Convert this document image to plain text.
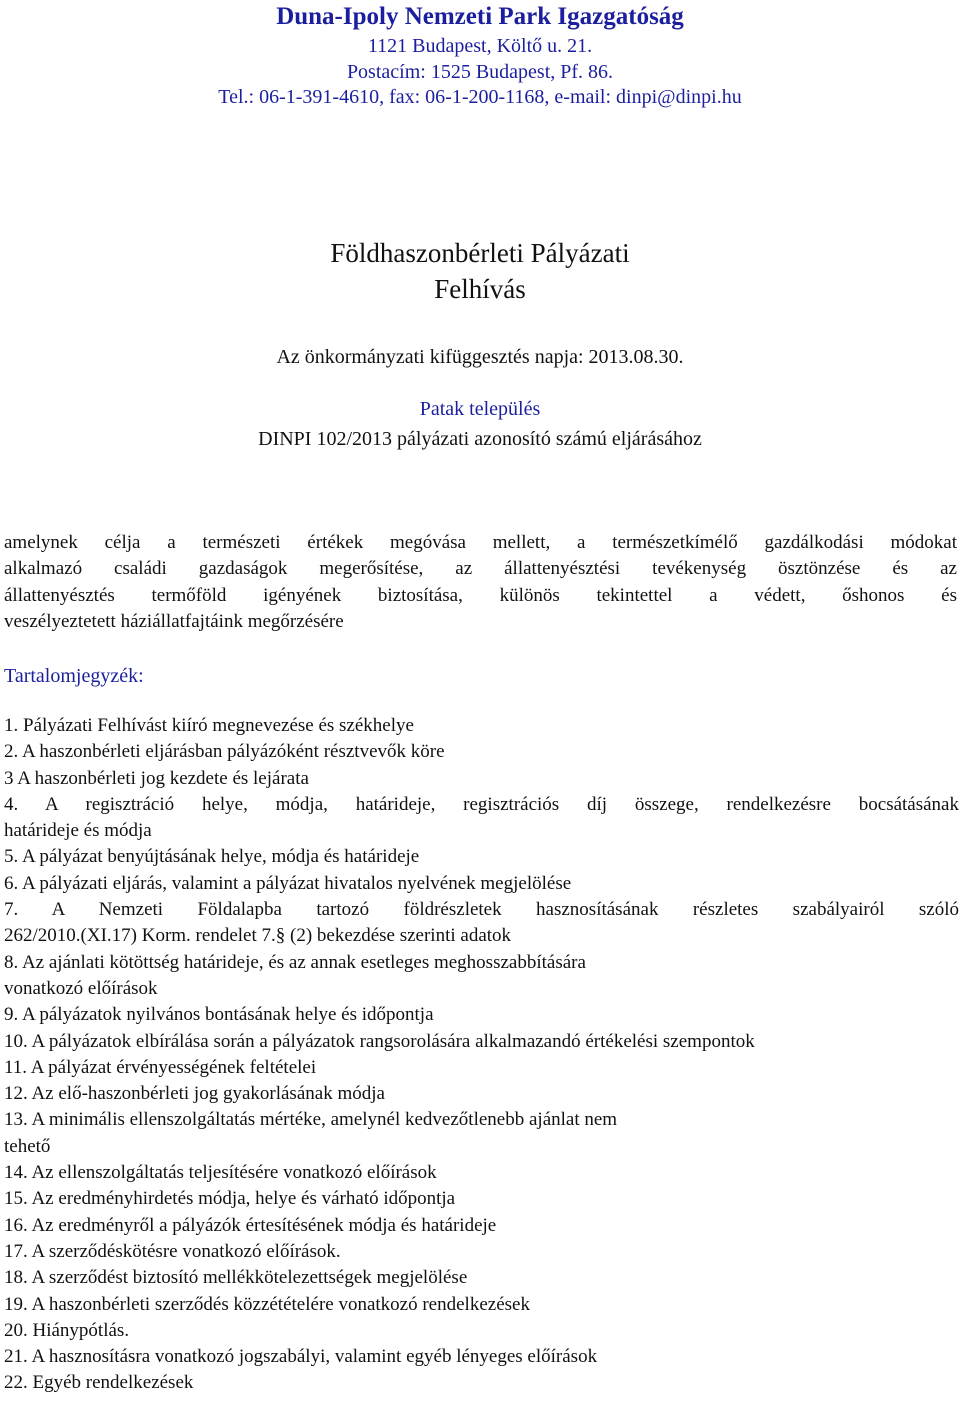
Duna-Ipoly Nemzeti Park Igazgatóság
1121 Budapest, Költő u. 21.
Postacím: 1525 Budapest, Pf. 86.
Tel.: 06-1-391-4610, fax: 06-1-200-1168, e-mail: dinpi@dinpi.hu
Földhaszonbérleti Pályázati
Felhívás
Az önkormányzati kifüggesztés napja: 2013.08.30.
Patak település
DINPI 102/2013 pályázati azonosító számú eljárásához
amelynek célja a természeti értékek megóvása mellett, a természetkímélő gazdálkodási módokat
alkalmazó családi gazdaságok megerősítése, az állattenyésztési tevékenység ösztönzése és az
állattenyésztés termőföld igényének biztosítása, különös tekintettel a védett, őshonos és
veszélyeztetett háziállatfajtáink megőrzésére
Tartalomjegyzék:
1. Pályázati Felhívást kiíró megnevezése és székhelye
2. A haszonbérleti eljárásban pályázóként résztvevők köre
3 A haszonbérleti jog kezdete és lejárata
4. A regisztráció helye, módja, határideje, regisztrációs díj összege, rendelkezésre bocsátásának
határideje és módja
5. A pályázat benyújtásának helye, módja és határideje
6. A pályázati eljárás, valamint a pályázat hivatalos nyelvének megjelölése
7. A Nemzeti Földalapba tartozó földrészletek hasznosításának részletes szabályairól szóló
262/2010.(XI.17) Korm. rendelet 7.§ (2) bekezdése szerinti adatok
8. Az ajánlati kötöttség határideje, és az annak esetleges meghosszabbítására
vonatkozó előírások
9. A pályázatok nyilvános bontásának helye és időpontja
10. A pályázatok elbírálása során a pályázatok rangsorolására alkalmazandó értékelési szempontok
11. A pályázat érvényességének feltételei
12. Az elő-haszonbérleti jog gyakorlásának módja
13. A minimális ellenszolgáltatás mértéke, amelynél kedvezőtlenebb ajánlat nem
tehető
14. Az ellenszolgáltatás teljesítésére vonatkozó előírások
15. Az eredményhirdetés módja, helye és várható időpontja
16. Az eredményről a pályázók értesítésének módja és határideje
17. A szerződéskötésre vonatkozó előírások.
18. A szerződést biztosító mellékkötelezettségek megjelölése
19. A haszonbérleti szerződés közzétételére vonatkozó rendelkezések
20. Hiánypótlás.
21. A hasznosításra vonatkozó jogszabályi, valamint egyéb lényeges előírások
22. Egyéb rendelkezések
